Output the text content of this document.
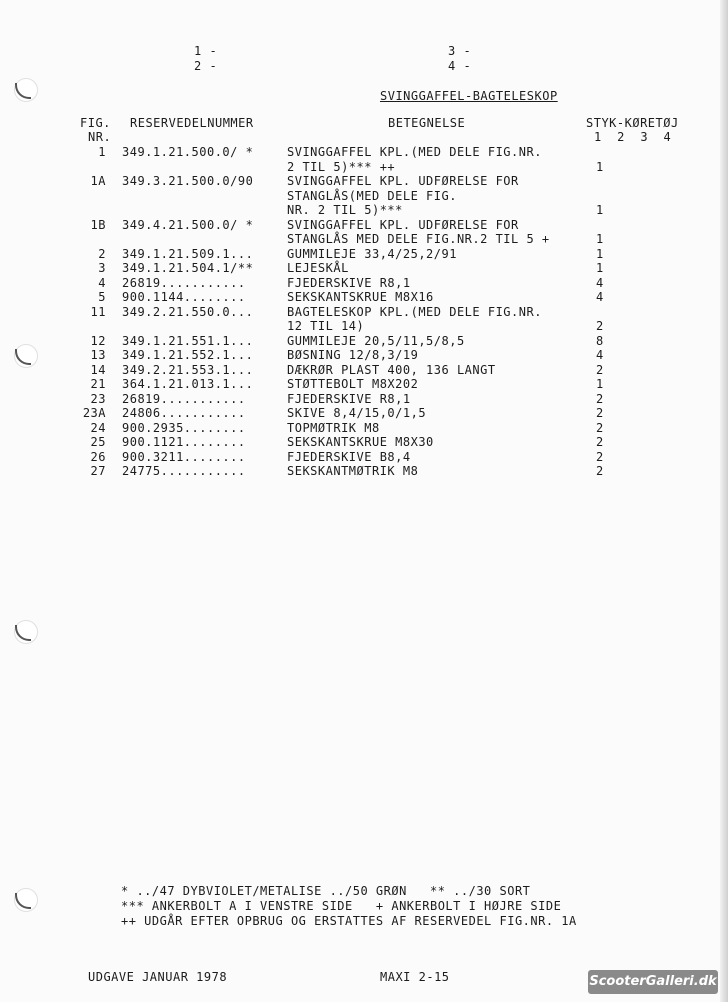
1 -
2 -
3 -
4 -
SVINGGAFFEL-BAGTELESKOP
FIG.
NR.
RESERVEDELNUMMER	BETEGNELSE	STYK-KØRETØJ
1  2  3  4
1 349.1.21.500.0/ *	SVINGGAFFEL KPL.(MED DELE FIG.NR.
2 TIL 5)*** ++	1
1A 349.3.21.500.0/90	SVINGGAFFEL KPL. UDFØRELSE FOR
STANGLÅS(MED DELE FIG.
NR. 2 TIL 5)***	1
1B 349.4.21.500.0/ *	SVINGGAFFEL KPL. UDFØRELSE FOR
STANGLÅS MED DELE FIG.NR.2 TIL 5 +	1
2 349.1.21.509.1...	GUMMILEJE 33,4/25,2/91	1
3 349.1.21.504.1/**	LEJESKÅL	1
4 26819...........	FJEDERSKIVE R8,1	4
5 900.1144........	SEKSKANTSKRUE M8X16	4
11 349.2.21.550.0...	BAGTELESKOP KPL.(MED DELE FIG.NR.
12 TIL 14)	2
12 349.1.21.551.1...	GUMMILEJE 20,5/11,5/8,5	8
13 349.1.21.552.1...	BØSNING 12/8,3/19	4
14 349.2.21.553.1...	DÆKRØR PLAST 400, 136 LANGT	2
21 364.1.21.013.1...	STØTTEBOLT M8X202	1
23 26819...........	FJEDERSKIVE R8,1	2
23A 24806...........	SKIVE 8,4/15,0/1,5	2
24 900.2935........	TOPMØTRIK M8	2
25 900.1121........	SEKSKANTSKRUE M8X30	2
26 900.3211........	FJEDERSKIVE B8,4	2
27 24775...........	SEKSKANTMØTRIK M8	2
* ../47 DYBVIOLET/METALISE ../50 GRØN   ** ../30 SORT
*** ANKERBOLT A I VENSTRE SIDE   + ANKERBOLT I HØJRE SIDE
++ UDGÅR EFTER OPBRUG OG ERSTATTES AF RESERVEDEL FIG.NR. 1A
UDGAVE JANUAR 1978	MAXI 2-15	ScooterGalleri.dk
